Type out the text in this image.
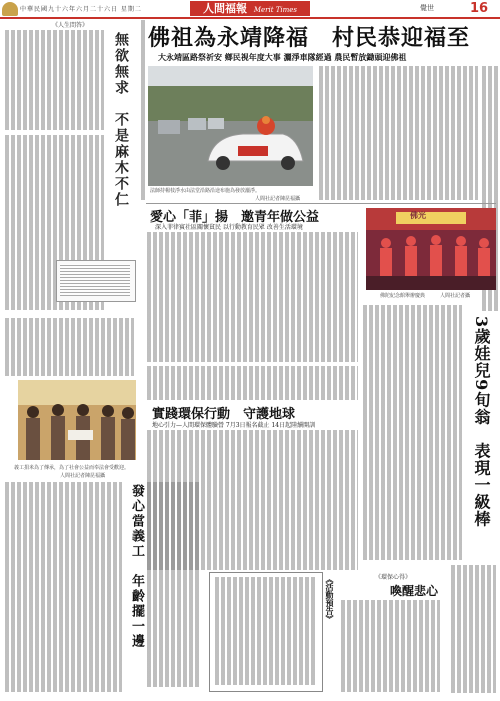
中華民國九十六年六月二十六日 星期二	人間福報 Merit Times	覺世	16
《人生問答》
無欲無求　不是麻木不仁 佛祖為永靖降福　村民恭迎福至
大永靖區路祭祈安 鄉民視年度大事 灑淨車隊經過 農民暫放鋤頭迎佛祖
法師持楊枝淨水由法堂沿路沿途布施為發放灑淨。
人間社記者陳昆福攝
愛心「菲」揚　邀青年做公益
深入菲律賓社區關懷貧民 以行動教育民眾 改善生活環境
佛光
佛陀紀念館舉辦慶典	人間社記者攝
3歲娃兒9旬翁　表現一級棒
義工捐米為了傳承，為了社會公益而奉法會受歡迎。
人間社記者陳昆福攝
實踐環保行動　守護地球
地心引力—人間環保體驗營 7月3日報名截止 14日起陸續開訓
發心當義工　年齡擺一邊	《活動預告》	《環保心得》
喚醒悲心
